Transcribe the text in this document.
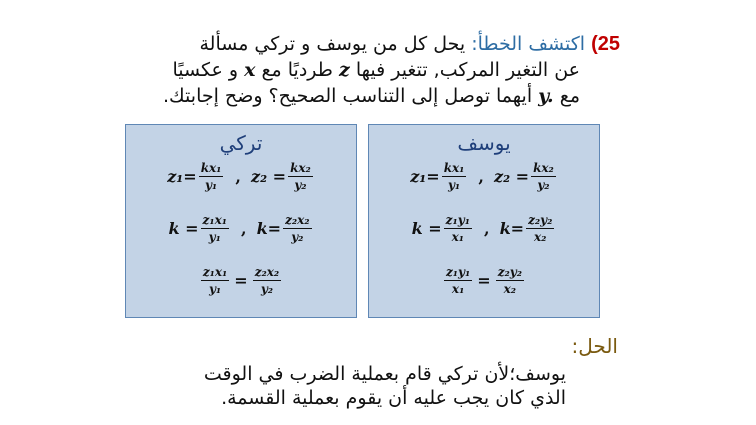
25) اكتشف الخطأ: يحل كل من يوسف و تركي مسألة
عن التغير المركب, تتغير فيها z طرديًا مع x و عكسيًا
مع y. أيهما توصل إلى التناسب الصحيح؟ وضح إجابتك.
تركي
$z_1= \frac{\text{kx₁}}{\text{y₁}}$ , $z_2 = \frac{\text{kx₂}}{\text{y₂}}$
$k = \frac{\text{z₁x₁}}{\text{y₁}}$ , $k= \frac{\text{z₂x₂}}{\text{y₂}}$
$\frac{\text{z₁x₁}}{\text{y₁}} = \frac{\text{z₂x₂}}{\text{y₂}}$
يوسف
$z_1= \frac{\text{kx₁}}{\text{y₁}}$ , $z_2 = \frac{\text{kx₂}}{\text{y₂}}$
$k = \frac{\text{z₁y₁}}{\text{x₁}}$ , $k= \frac{\text{z₂y₂}}{\text{x₂}}$
$\frac{\text{z₁y₁}}{\text{x₁}} = \frac{\text{z₂y₂}}{\text{x₂}}$
الحل:
يوسف؛لأن تركي قام بعملية الضرب في الوقت
الذي كان يجب عليه أن يقوم بعملية القسمة.
